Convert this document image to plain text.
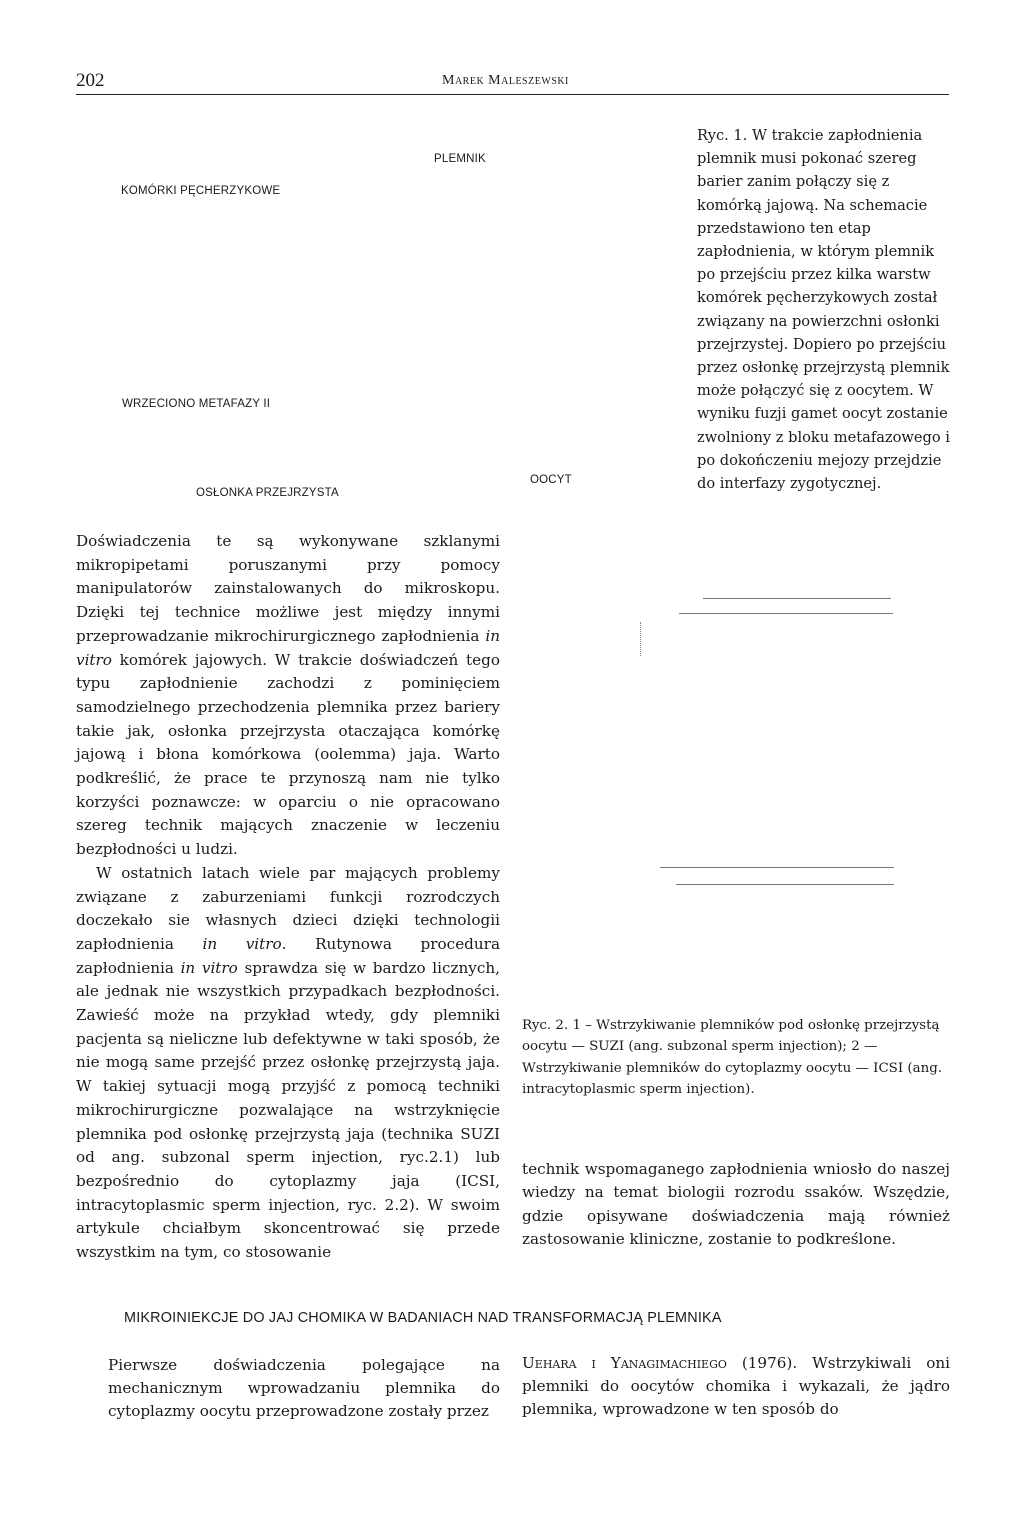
202	Marek Maleszewski
KOMÓRKI PĘCHERZYKOWE
PLEMNIK
WRZECIONO METAFAZY II
OSŁONKA PRZEJRZYSTA
OOCYT
Ryc. 1. W trakcie zapłodnienia plemnik musi pokonać szereg barier zanim połączy się z komórką jajową. Na schemacie przedstawiono ten etap zapłodnienia, w którym plemnik po przejściu przez kilka warstw komórek pęcherzykowych został związany na powierzchni osłonki przejrzystej. Dopiero po przejściu przez osłonkę przejrzystą plemnik może połączyć się z oocytem. W wyniku fuzji gamet oocyt zostanie zwolniony z bloku metafazowego i po dokończeniu mejozy przejdzie do interfazy zygotycznej.

Doświadczenia te są wykonywane szklanymi mikropipetami poruszanymi przy pomocy manipulatorów zainstalowanych do mikroskopu. Dzięki tej technice możliwe jest między innymi przeprowadzanie mikrochirurgicznego zapłodnienia in vitro komórek jajowych. W trakcie doświadczeń tego typu zapłodnienie zachodzi z pominięciem samodzielnego przechodzenia plemnika przez bariery takie jak, osłonka przejrzysta otaczająca komórkę jajową i błona komórkowa (oolemma) jaja. Warto podkreślić, że prace te przynoszą nam nie tylko korzyści poznawcze: w oparciu o nie opracowano szereg technik mających znaczenie w leczeniu bezpłodności u ludzi.

W ostatnich latach wiele par mających problemy związane z zaburzeniami funkcji rozrodczych doczekało sie własnych dzieci dzięki technologii zapłodnienia in vitro. Rutynowa procedura zapłodnienia in vitro sprawdza się w bardzo licznych, ale jednak nie wszystkich przypadkach bezpłodności. Zawieść może na przykład wtedy, gdy plemniki pacjenta są nieliczne lub defektywne w taki sposób, że nie mogą same przejść przez osłonkę przejrzystą jaja. W takiej sytuacji mogą przyjść z pomocą techniki mikrochirurgiczne pozwalające na wstrzyknięcie plemnika pod osłonkę przejrzystą jaja (technika SUZI od ang. subzonal sperm injection, ryc.2.1) lub bezpośrednio do cytoplazmy jaja (ICSI, intracytoplasmic sperm injection, ryc. 2.2). W swoim artykule chciałbym skoncentrować się przede wszystkim na tym, co stosowanie

Ryc. 2. 1 – Wstrzykiwanie plemników pod osłonkę przejrzystą oocytu — SUZI (ang. subzonal sperm injection); 2 — Wstrzykiwanie plemników do cytoplazmy oocytu — ICSI (ang. intracytoplasmic sperm injection).
technik wspomaganego zapłodnienia wniosło do naszej wiedzy na temat biologii rozrodu ssaków. Wszędzie, gdzie opisywane doświadczenia mają również zastosowanie kliniczne, zostanie to podkreślone.
MIKROINIEKCJE DO JAJ CHOMIKA W BADANIACH NAD TRANSFORMACJĄ PLEMNIKA
Pierwsze doświadczenia polegające na mechanicznym wprowadzaniu plemnika do cytoplazmy oocytu przeprowadzone zostały przez
Uehara i Yanagimachiego (1976). Wstrzykiwali oni plemniki do oocytów chomika i wykazali, że jądro plemnika, wprowadzone w ten sposób do
